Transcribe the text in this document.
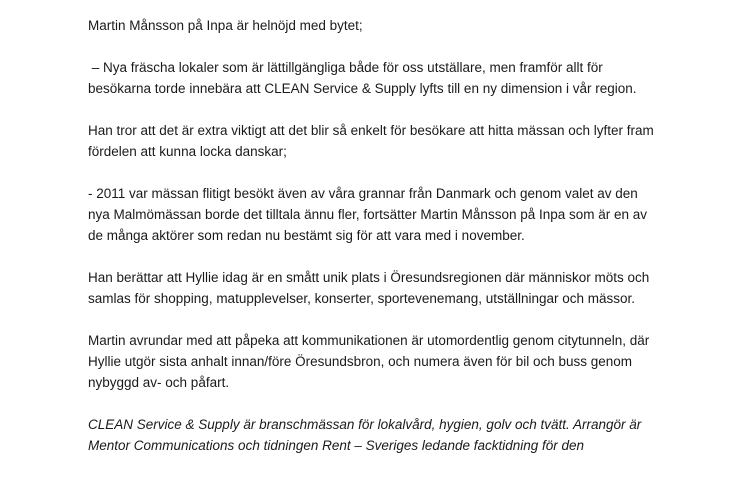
Martin Månsson på Inpa är helnöjd med bytet;

– Nya fräscha lokaler som är lättillgängliga både för oss utställare, men framför allt för besökarna torde innebära att CLEAN Service & Supply lyfts till en ny dimension i vår region.

Han tror att det är extra viktigt att det blir så enkelt för besökare att hitta mässan och lyfter fram fördelen att kunna locka danskar;

- 2011 var mässan flitigt besökt även av våra grannar från Danmark och genom valet av den nya Malmömässan borde det tilltala ännu fler, fortsätter Martin Månsson på Inpa som är en av de många aktörer som redan nu bestämt sig för att vara med i november.

Han berättar att Hyllie idag är en smått unik plats i Öresundsregionen där människor möts och samlas för shopping, matupplevelser, konserter, sportevenemang, utställningar och mässor.

Martin avrundar med att påpeka att kommunikationen är utomordentlig genom citytunneln, där Hyllie utgör sista anhalt innan/före Öresundsbron, och numera även för bil och buss genom nybyggd av- och påfart.

CLEAN Service & Supply är branschmässan för lokalvård, hygien, golv och tvätt. Arrangör är Mentor Communications och tidningen Rent – Sveriges ledande facktidning för den
